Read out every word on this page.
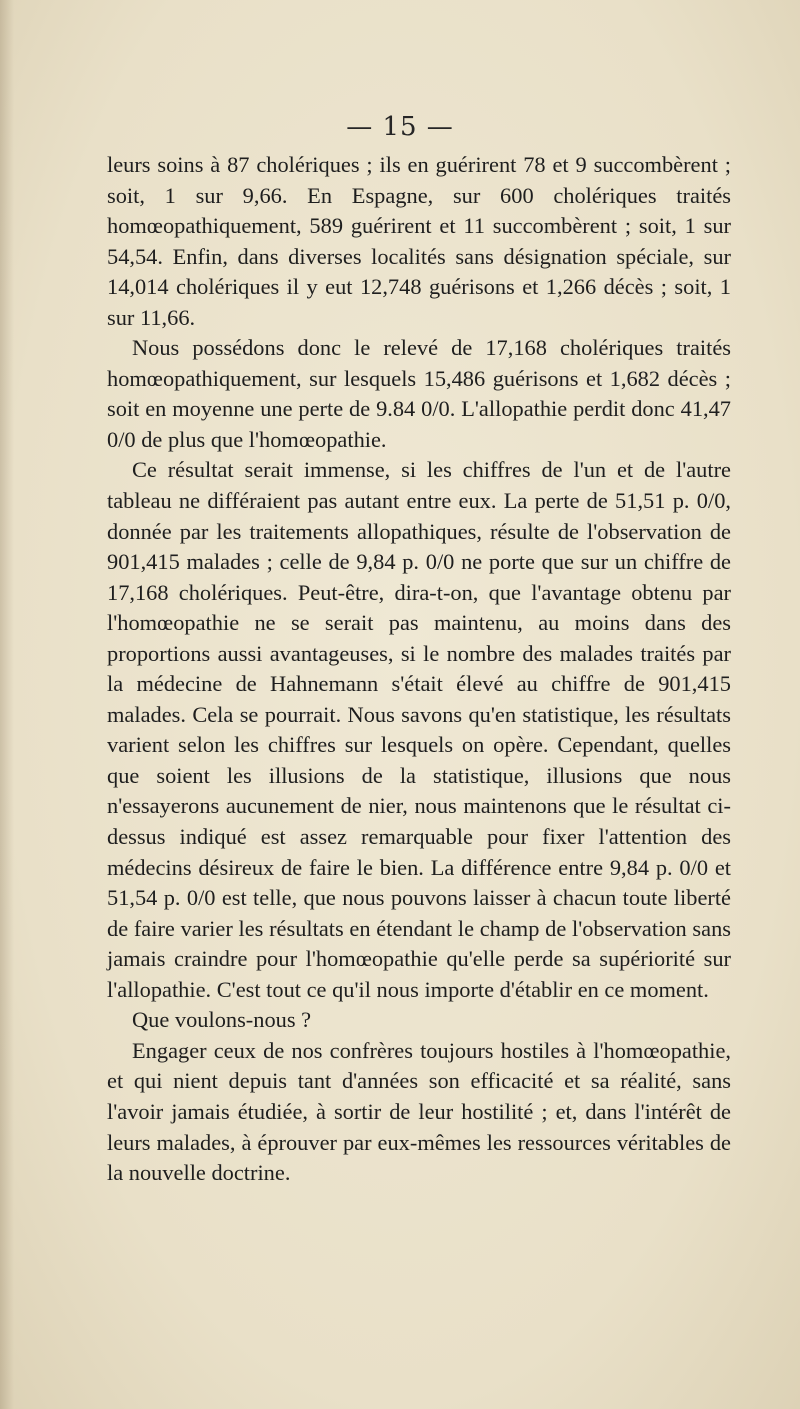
— 15 —

leurs soins à 87 cholériques ; ils en guérirent 78 et 9 succombèrent ; soit, 1 sur 9,66. En Espagne, sur 600 cholériques traités homœopathiquement, 589 guérirent et 11 succombèrent ; soit, 1 sur 54,54. Enfin, dans diverses localités sans désignation spéciale, sur 14,014 cholériques il y eut 12,748 guérisons et 1,266 décès ; soit, 1 sur 11,66.

Nous possédons donc le relevé de 17,168 cholériques traités homœopathiquement, sur lesquels 15,486 guérisons et 1,682 décès ; soit en moyenne une perte de 9.84 0/0. L'allopathie perdit donc 41,47 0/0 de plus que l'homœopathie.

Ce résultat serait immense, si les chiffres de l'un et de l'autre tableau ne différaient pas autant entre eux. La perte de 51,51 p. 0/0, donnée par les traitements allopathiques, résulte de l'observation de 901,415 malades ; celle de 9,84 p. 0/0 ne porte que sur un chiffre de 17,168 cholériques. Peut-être, dira-t-on, que l'avantage obtenu par l'homœopathie ne se serait pas maintenu, au moins dans des proportions aussi avantageuses, si le nombre des malades traités par la médecine de Hahnemann s'était élevé au chiffre de 901,415 malades. Cela se pourrait. Nous savons qu'en statistique, les résultats varient selon les chiffres sur lesquels on opère. Cependant, quelles que soient les illusions de la statistique, illusions que nous n'essayerons aucunement de nier, nous maintenons que le résultat ci-dessus indiqué est assez remarquable pour fixer l'attention des médecins désireux de faire le bien. La différence entre 9,84 p. 0/0 et 51,54 p. 0/0 est telle, que nous pouvons laisser à chacun toute liberté de faire varier les résultats en étendant le champ de l'observation sans jamais craindre pour l'homœopathie qu'elle perde sa supériorité sur l'allopathie. C'est tout ce qu'il nous importe d'établir en ce moment.

Que voulons-nous ?

Engager ceux de nos confrères toujours hostiles à l'homœopathie, et qui nient depuis tant d'années son efficacité et sa réalité, sans l'avoir jamais étudiée, à sortir de leur hostilité ; et, dans l'intérêt de leurs malades, à éprouver par eux-mêmes les ressources véritables de la nouvelle doctrine.
